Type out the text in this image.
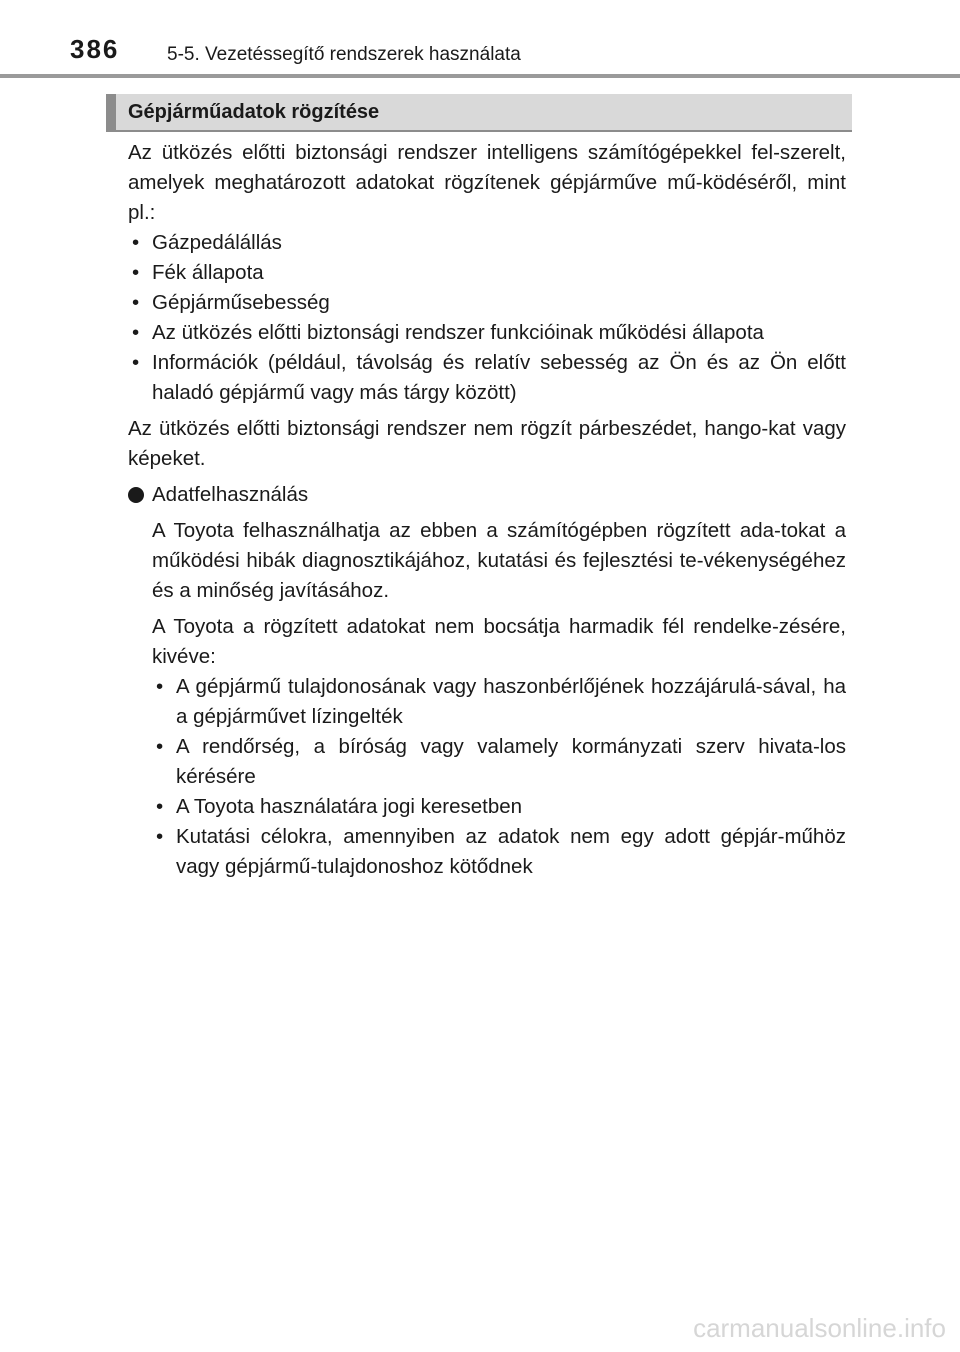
386	5-5. Vezetéssegítő rendszerek használata
Gépjárműadatok rögzítése

Az ütközés előtti biztonsági rendszer intelligens számítógépekkel fel-szerelt, amelyek meghatározott adatokat rögzítenek gépjárműve mű-ködéséről, mint pl.:

• Gázpedálállás
• Fék állapota
• Gépjárműsebesség
• Az ütközés előtti biztonsági rendszer funkcióinak működési állapota
• Információk (például, távolság és relatív sebesség az Ön és az Ön előtt haladó gépjármű vagy más tárgy között)

Az ütközés előtti biztonsági rendszer nem rögzít párbeszédet, hango-kat vagy képeket.

Adatfelhasználás

A Toyota felhasználhatja az ebben a számítógépben rögzített ada-tokat a működési hibák diagnosztikájához, kutatási és fejlesztési te-vékenységéhez és a minőség javításához.

A Toyota a rögzített adatokat nem bocsátja harmadik fél rendelke-zésére, kivéve:

• A gépjármű tulajdonosának vagy haszonbérlőjének hozzájárulá-sával, ha a gépjárművet lízingelték
• A rendőrség, a bíróság vagy valamely kormányzati szerv hivata-los kérésére
• A Toyota használatára jogi keresetben
• Kutatási célokra, amennyiben az adatok nem egy adott gépjár-műhöz vagy gépjármű-tulajdonoshoz kötődnek
carmanualsonline.info
